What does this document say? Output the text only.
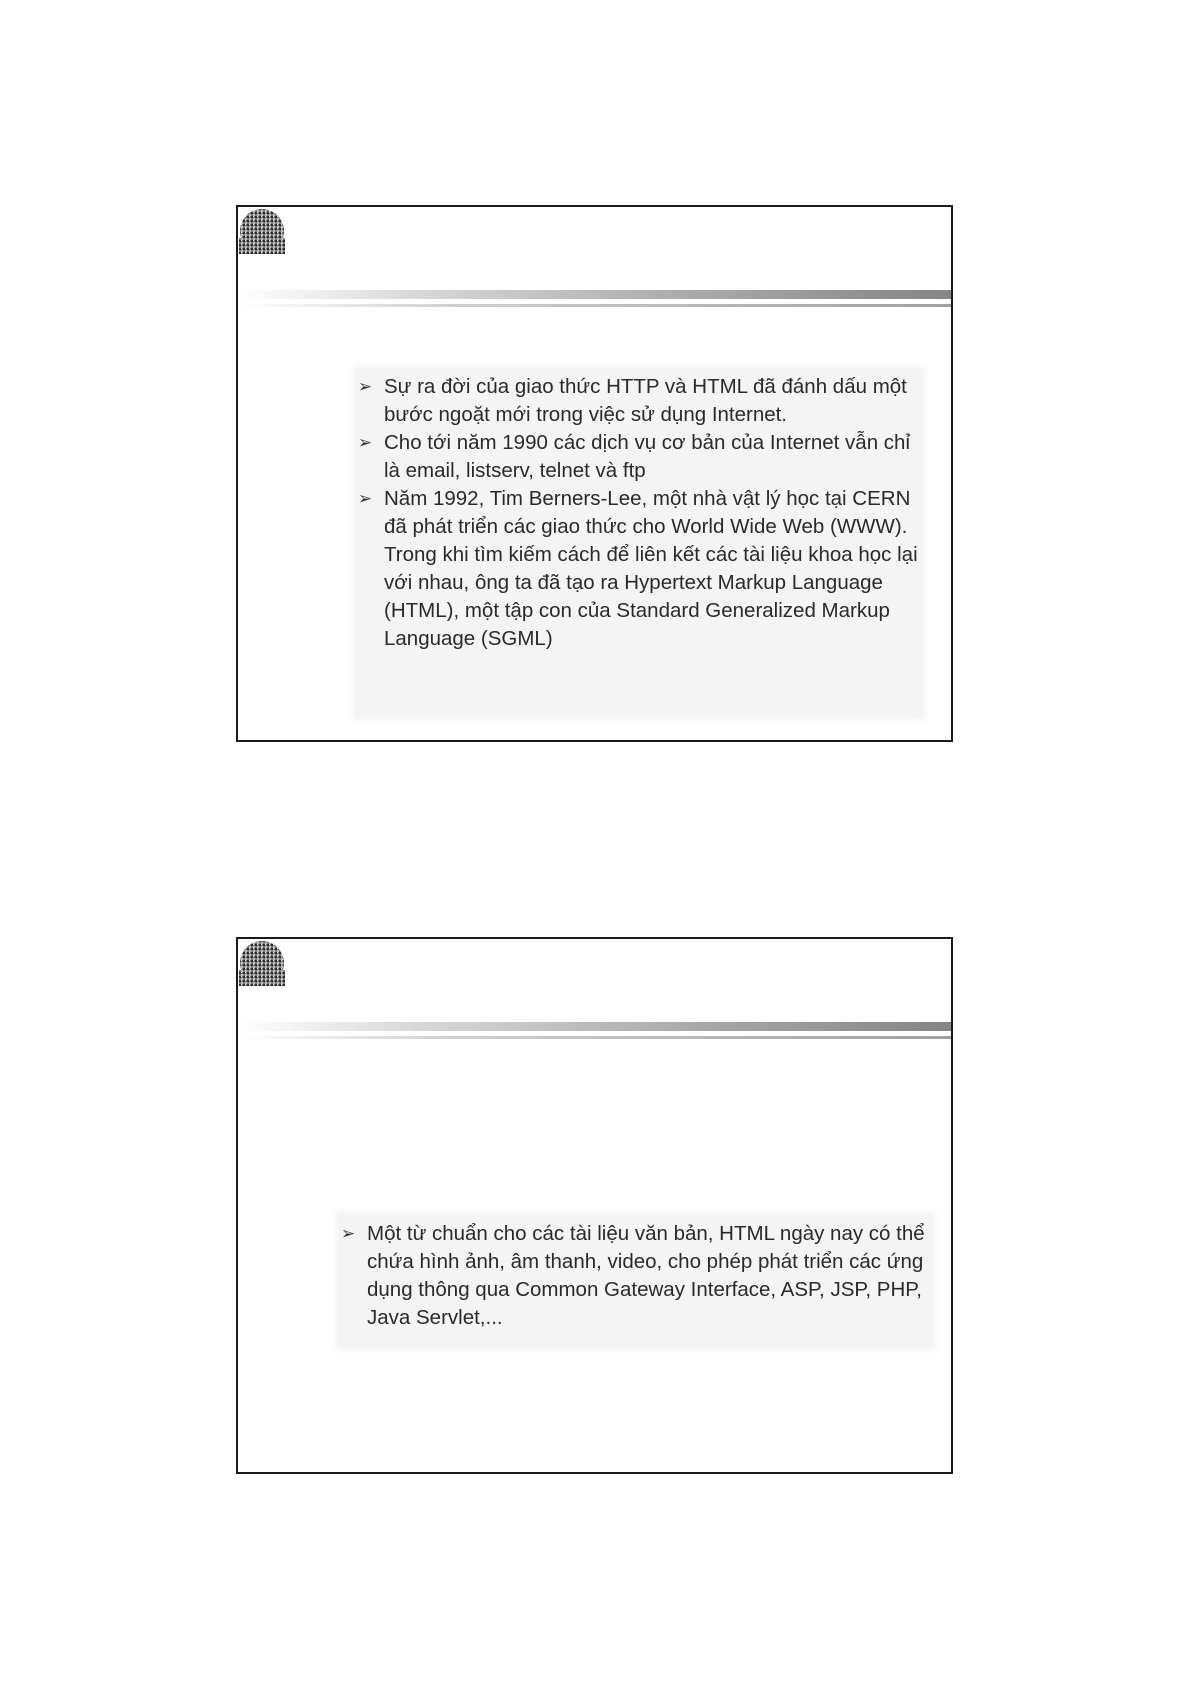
➢ Sự ra đời của giao thức HTTP và HTML đã đánh dấu một bước ngoặt mới trong việc sử dụng Internet.
➢ Cho tới năm 1990 các dịch vụ cơ bản của Internet vẫn chỉ là email, listserv, telnet và ftp
➢ Năm 1992, Tim Berners-Lee, một nhà vật lý học tại CERN đã phát triển các giao thức cho World Wide Web (WWW). Trong khi tìm kiếm cách để liên kết các tài liệu khoa học lại với nhau, ông ta đã tạo ra Hypertext Markup Language (HTML), một tập con của Standard Generalized Markup Language (SGML)
➢ Một từ chuẩn cho các tài liệu văn bản, HTML ngày nay có thể chứa hình ảnh, âm thanh, video, cho phép phát triển các ứng dụng thông qua Common Gateway Interface, ASP, JSP, PHP, Java Servlet,...
